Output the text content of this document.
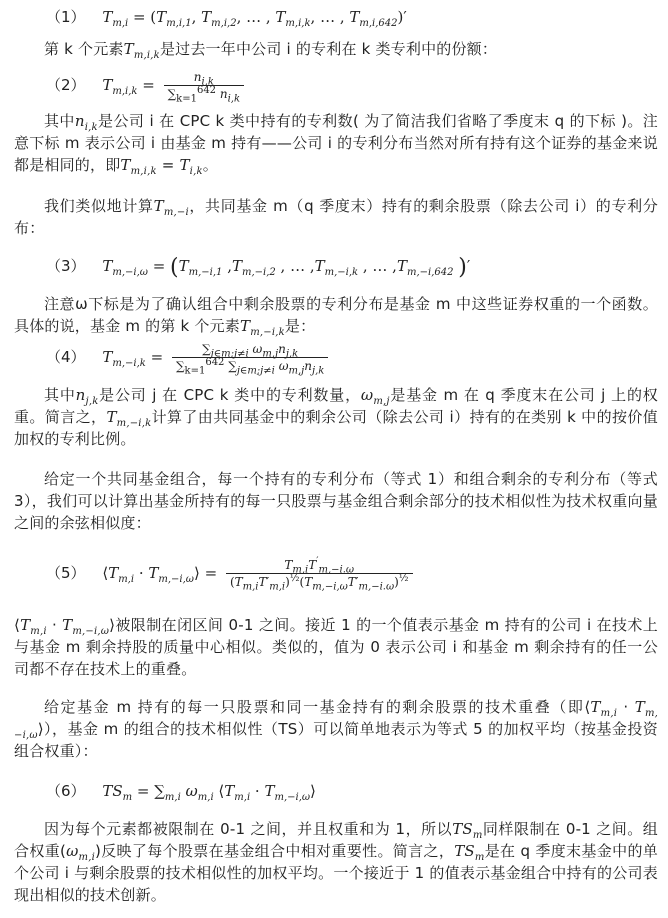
（1） $T_{m,i} = (T_{m,i,1}$, $T_{m,i,2}$, … , $T_{m,i,k}$, … , $T_{m,i,642})'$
第 k 个元素$T_{m,i,k}$是过去一年中公司 i 的专利在 k 类专利中的份额：
（2） $T_{m,i,k} = \frac{n_{i,k}}{\sum_{k=1}^{642} n_{i,k}}$
其中$n_{i,k}$是公司 i 在 CPC k 类中持有的专利数( 为了简洁我们省略了季度末 q 的下标 )。注意下标 m 表示公司 i 由基金 m 持有——公司 i 的专利分布当然对所有持有这个证券的基金来说都是相同的，即$T_{m,i,k} = T_{i,k}$。
我们类似地计算$T_{m,-i}$，共同基金 m（q 季度末）持有的剩余股票（除去公司 i）的专利分布：
（3） $T_{m,-i,\omega} = (T_{m,-i,1}$ $,T_{m,-i,2}$ , … $,T_{m,-i,k}$ , … $,T_{m,-i,642}$ )′
注意ω下标是为了确认组合中剩余股票的专利分布是基金 m 中这些证券权重的一个函数。具体的说，基金 m 的第 k 个元素$T_{m,-i,k}$是：
（4） $T_{m,-i,k} = \frac{\sum_{j\in m;j\ne i} \omega_{m,j}n_{j,k}}{\sum_{k=1}^{642} \sum_{j\in m;j\ne i} \omega_{m,j}n_{j,k}}$
其中$n_{j,k}$是公司 j 在 CPC k 类中的专利数量，$\omega_{m,j}$是基金 m 在 q 季度末在公司 j 上的权重。简言之，$T_{m,-i,k}$计算了由共同基金中的剩余公司（除去公司 i）持有的在类别 k 中的按价值加权的专利比例。
给定一个共同基金组合，每一个持有的专利分布（等式 1）和组合剩余的专利分布（等式 3），我们可以计算出基金所持有的每一只股票与基金组合剩余部分的技术相似性为技术权重向量之间的余弦相似度：
（5） $⟨T_{m,i}$ · $T_{m,-i,\omega}⟩ = \frac{T_{m,i}T'_{m,-i.\omega}}{(T_{m,i}T'_{m,i})^{\frac{1}{2}}(T_{m,-i,\omega}T'_{m,-i.\omega})^{\frac{1}{2}}}$
$⟨T_{m,i}$ · $T_{m,-i,\omega}⟩$被限制在闭区间 0-1 之间。接近 1 的一个值表示基金 m 持有的公司 i 在技术上与基金 m 剩余持股的质量中心相似。类似的，值为 0 表示公司 i 和基金 m 剩余持有的任一公司都不存在技术上的重叠。
给定基金 m 持有的每一只股票和同一基金持有的剩余股票的技术重叠（即$⟨T_{m,i}$ · $T_{m,-i,\omega}⟩$），基金 m 的组合的技术相似性（TS）可以简单地表示为等式 5 的加权平均（按基金投资组合权重）：
（6） $TS_m = \sum_{m,i}$ $\omega_{m,i}$ $⟨T_{m,i}$ · $T_{m,-i,\omega}⟩$
因为每个元素都被限制在 0-1 之间，并且权重和为 1，所以$TS_m$同样限制在 0-1 之间。组合权重$(\omega_{m,i})$反映了每个股票在基金组合中相对重要性。简言之，$TS_m$是在 q 季度末基金中的单个公司 i 与剩余股票的技术相似性的加权平均。一个接近于 1 的值表示基金组合中持有的公司表现出相似的技术创新。
